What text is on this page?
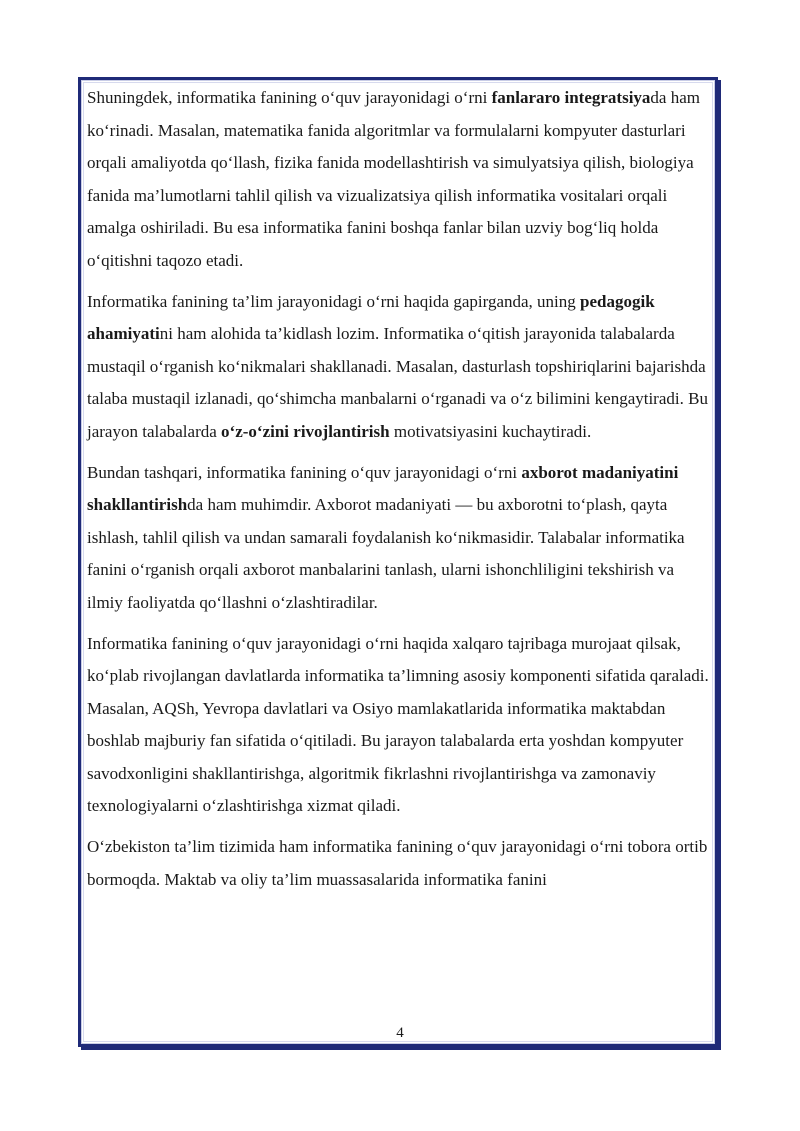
Shuningdek, informatika fanining o‘quv jarayonidagi o‘rni fanlararo integratsiyada ham ko‘rinadi. Masalan, matematika fanida algoritmlar va formulalarni kompyuter dasturlari orqali amaliyotda qo‘llash, fizika fanida modellashtirish va simulyatsiya qilish, biologiya fanida ma’lumotlarni tahlil qilish va vizualizatsiya qilish informatika vositalari orqali amalga oshiriladi. Bu esa informatika fanini boshqa fanlar bilan uzviy bog‘liq holda o‘qitishni taqozo etadi.

Informatika fanining ta’lim jarayonidagi o‘rni haqida gapirganda, uning pedagogik ahamiyatini ham alohida ta’kidlash lozim. Informatika o‘qitish jarayonida talabalarda mustaqil o‘rganish ko‘nikmalari shakllanadi. Masalan, dasturlash topshiriqlarini bajarishda talaba mustaqil izlanadi, qo‘shimcha manbalarni o‘rganadi va o‘z bilimini kengaytiradi. Bu jarayon talabalarda o‘z-o‘zini rivojlantirish motivatsiyasini kuchaytiradi.

Bundan tashqari, informatika fanining o‘quv jarayonidagi o‘rni axborot madaniyatini shakllantirishda ham muhimdir. Axborot madaniyati — bu axborotni to‘plash, qayta ishlash, tahlil qilish va undan samarali foydalanish ko‘nikmasidir. Talabalar informatika fanini o‘rganish orqali axborot manbalarini tanlash, ularni ishonchliligini tekshirish va ilmiy faoliyatda qo‘llashni o‘zlashtiradilar.

Informatika fanining o‘quv jarayonidagi o‘rni haqida xalqaro tajribaga murojaat qilsak, ko‘plab rivojlangan davlatlarda informatika ta’limning asosiy komponenti sifatida qaraladi. Masalan, AQSh, Yevropa davlatlari va Osiyo mamlakatlarida informatika maktabdan boshlab majburiy fan sifatida o‘qitiladi. Bu jarayon talabalarda erta yoshdan kompyuter savodxonligini shakllantirishga, algoritmik fikrlashni rivojlantirishga va zamonaviy texnologiyalarni o‘zlashtirishga xizmat qiladi.

O‘zbekiston ta’lim tizimida ham informatika fanining o‘quv jarayonidagi o‘rni tobora ortib bormoqda. Maktab va oliy ta’lim muassasalarida informatika fanini

4
